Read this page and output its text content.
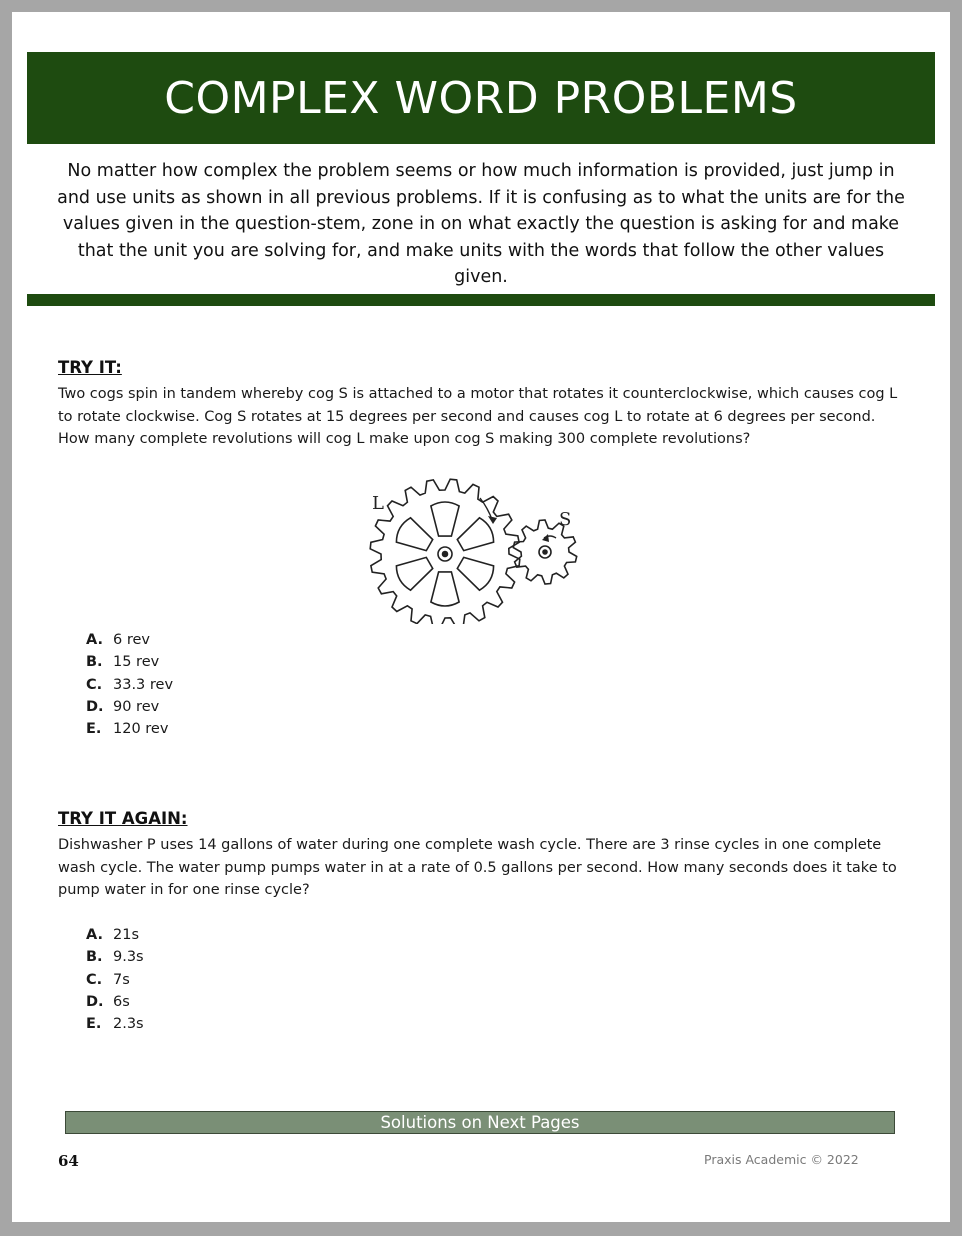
COMPLEX WORD PROBLEMS

No matter how complex the problem seems or how much information is provided, just jump in and use units as shown in all previous problems. If it is confusing as to what the units are for the values given in the question-stem, zone in on what exactly the question is asking for and make that the unit you are solving for, and make units with the words that follow the other values given.

TRY IT:

Two cogs spin in tandem whereby cog S is attached to a motor that rotates it counterclockwise, which causes cog L to rotate clockwise. Cog S rotates at 15 degrees per second and causes cog L to rotate at 6 degrees per second. How many complete revolutions will cog L make upon cog S making 300 complete revolutions?

L
S
A. 6 rev
B. 15 rev
C. 33.3 rev
D. 90 rev
E. 120 rev
TRY IT AGAIN:

Dishwasher P uses 14 gallons of water during one complete wash cycle. There are 3 rinse cycles in one complete wash cycle. The water pump pumps water in at a rate of 0.5 gallons per second. How many seconds does it take to pump water in for one rinse cycle?

A. 21s
B. 9.3s
C. 7s
D. 6s
E. 2.3s
Solutions on Next Pages
64	Praxis Academic © 2022
